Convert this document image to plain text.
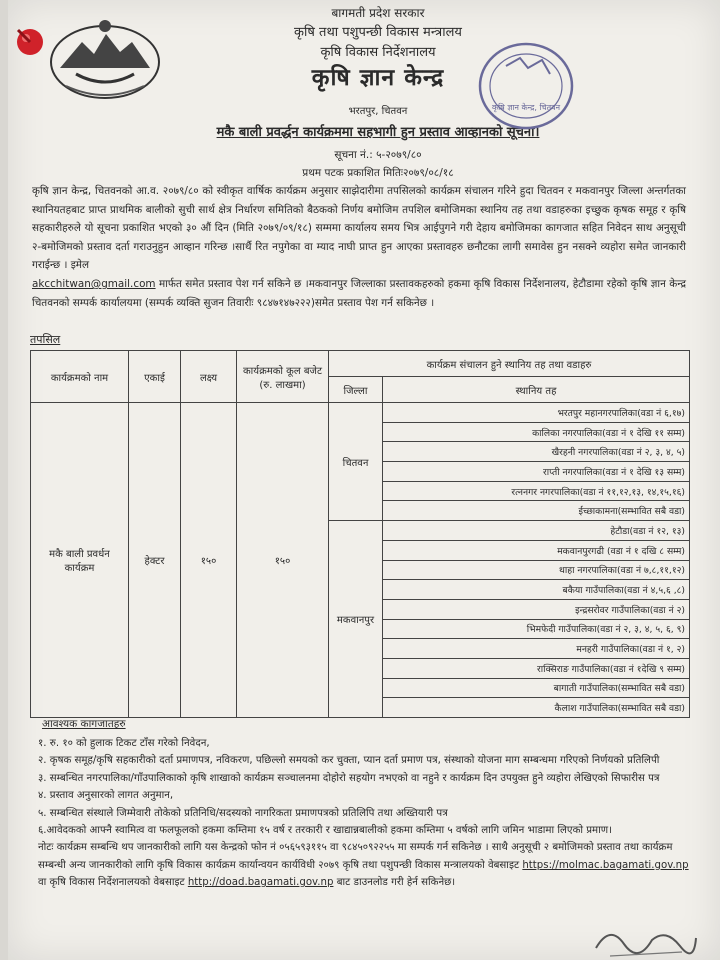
बागमती प्रदेश सरकार
कृषि तथा पशुपन्छी विकास मन्त्रालय
कृषि विकास निर्देशनालय
कृषि ज्ञान केन्द्र
भरतपुर, चितवन
मकै बाली प्रवर्द्धन कार्यक्रममा सहभागी हुन प्रस्ताव आव्हानको सूचना।
सूचना नं.: ५-२०७९/८०
प्रथम पटक प्रकाशित मितिः२०७९/०८/१८
कृषि ज्ञान केन्द्र, चितवन

कृषि ज्ञान केन्द्र, चितवनको आ.व. २०७९/८० को स्वीकृत वार्षिक कार्यक्रम अनुसार साझेदारीमा तपसिलको कार्यक्रम संचालन गरिने हुदा चितवन र मकवानपुर जिल्ला अन्तर्गतका स्थानियतहबाट प्राप्त प्राथमिक बालीको सुची सार्थ क्षेत्र निर्धारण समितिको बैठकको निर्णय बमोजिम तपशिल बमोजिमका स्थानिय तह तथा वडाहरुका इच्छुक कृषक समूह र कृषि सहकारीहरुले यो सूचना प्रकाशित भएको ३० औं दिन (मिति २०७९/०९/१८) सम्ममा कार्यालय समय भित्र आईपुगने गरी देहाय बमोजिमका कागजात सहित निवेदन साथ अनुसूची २-बमोजिमको प्रस्ताव दर्ता गराउनुहुन आव्हान गरिन्छ ।सार्थै रित नपुगेका वा म्याद नाघी प्राप्त हुन आएका प्रस्तावहरु छनौटका लागी समावेस हुन नसक्ने व्यहोरा समेत जानकारी गराईन्छ । इमेल
akcchitwan@gmail.com मार्फत समेत प्रस्ताव पेश गर्न सकिने छ ।मकवानपुर जिल्लाका प्रस्तावकहरुको हकमा कृषि विकास निर्देशनालय, हेटौडामा रहेको कृषि ज्ञान केन्द्र चितवनको सम्पर्क कार्यालयमा (सम्पर्क व्यक्ति सुजन तिवारीः ९८४७१४७२२२)समेत प्रस्ताव पेश गर्न सकिनेछ ।

तपसिल
कार्यक्रमको नाम	एकाई	लक्ष्य	कार्यक्रमको कूल बजेट (रु. लाखमा)	कार्यक्रम संचालन हुने स्थानिय तह तथा वडाहरु	
				जिल्ला	स्थानिय तह
मकै बाली प्रवर्धन कार्यक्रम	हेक्टर	१५०	१५०	चितवन	भरतपुर महानगरपालिका(वडा नं ६,१७)
					कालिका नगरपालिका(वडा नं १ देखि ११ सम्म)
					खैरहनी नगरपालिका(वडा नं २, ३, ४, ५)
					राप्ती नगरपालिका(वडा नं १ देखि १३ सम्म)
					रत्ननगर नगरपालिका(वडा नं ११,१२,१३, १४,१५,१६)
					ईच्छाकामना(सम्भावित सबै वडा)
				मकवानपुर	हेटौडा(वडा नं १२, १३)
					मकवानपुरगढी (वडा नं १ दखि ८ सम्म)
					थाहा नगरपालिका(वडा नं ७,८,११,१२)
					बकैया गाउँपालिका(वडा नं ४,५,६ ,८)
					इन्द्रसरोवर गाउँपालिका(वडा नं २)
					भिमफेदी गाउँपालिका(वडा नं २, ३, ४, ५, ६, ९)
					मनहरी गाउँपालिका(वडा नं १, २)
					राक्सिराङ गाउँपालिका(वडा नं १देखि ९ सम्म)
					बागाती गाउँपालिका(सम्भावित सबै वडा)
					कैलाश गाउँपालिका(सम्भावित सबै वडा)
आवश्यक कागजातहरु
१. रु. १० को हुलाक टिकट टाँस गरेको निवेदन,
२. कृषक समूह/कृषि सहकारीको दर्ता प्रमाणपत्र, नविकरण, पछिल्लो समयको कर चुक्ता, प्यान दर्ता प्रमाण पत्र, संस्थाको योजना माग सम्बन्धमा गरिएको निर्णयको प्रतिलिपी
३. सम्बन्धित नगरपालिका/गाँउपालिकाको कृषि शाखाको कार्यक्रम सञ्चालनमा दोहोरो सहयोग नभएको वा नहुने र कार्यक्रम दिन उपयुक्त हुने व्यहोरा लेखिएको सिफारीस पत्र
४. प्रस्ताव अनुसारको लागत अनुमान,
५. सम्बन्धित संस्थाले जिम्मेवारी तोकेको प्रतिनिधि/सदस्यको नागरिकता प्रमाणपत्रको प्रतिलिपि तथा अख्तियारी पत्र
६.आवेदकको आफ्नै स्वामित्व वा फलफूलको हकमा कम्तिमा १५ वर्ष र तरकारी र खाद्यान्नबालीको हकमा कम्तिमा ५ वर्षको लागि जमिन भाडामा लिएको प्रमाण।
नोटः कार्यक्रम सम्बन्धि थप जानकारीको लागि यस केन्द्रको फोन नं ०५६५९३११५ वा ९८४५०९२२५५ मा सम्पर्क गर्न सकिनेछ । साथै अनुसूची २ बमोजिमको प्रस्ताव तथा कार्यक्रम सम्बन्धी अन्य जानकारीको लागि कृषि विकास कार्यक्रम कार्यान्वयन कार्यविधी २०७९ कृषि तथा पशुपन्छी विकास मन्त्रालयको वेबसाइट https://molmac.bagamati.gov.np वा कृषि विकास निर्देशनालयको वेबसाइट http://doad.bagamati.gov.np बाट डाउनलोड गरी हेर्न सकिनेछ।
